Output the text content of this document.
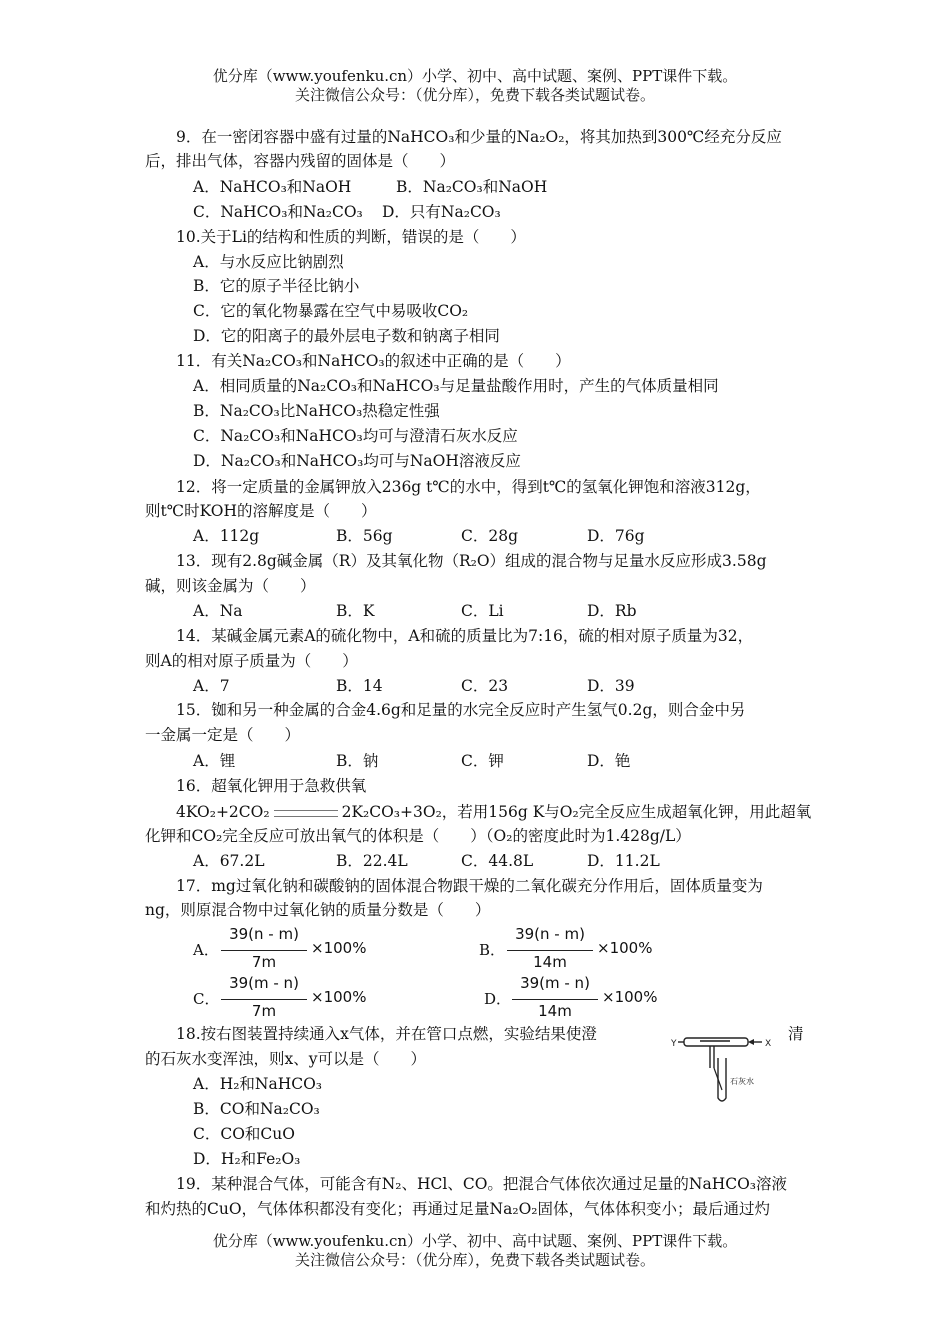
优分库（www.youfenku.cn）小学、初中、高中试题、案例、PPT课件下载。
关注微信公众号：（优分库），免费下载各类试题试卷。
9．在一密闭容器中盛有过量的NaHCO₃和少量的Na₂O₂，将其加热到300℃经充分反应
后，排出气体，容器内残留的固体是（　　）
A．NaHCO₃和NaOH	B．Na₂CO₃和NaOH
C．NaHCO₃和Na₂CO₃ D．只有Na₂CO₃
10.关于Li的结构和性质的判断，错误的是（　　）
A．与水反应比钠剧烈
B．它的原子半径比钠小
C．它的氧化物暴露在空气中易吸收CO₂
D．它的阳离子的最外层电子数和钠离子相同
11．有关Na₂CO₃和NaHCO₃的叙述中正确的是（　　）
A．相同质量的Na₂CO₃和NaHCO₃与足量盐酸作用时，产生的气体质量相同
B．Na₂CO₃比NaHCO₃热稳定性强
C．Na₂CO₃和NaHCO₃均可与澄清石灰水反应
D．Na₂CO₃和NaHCO₃均可与NaOH溶液反应
12．将一定质量的金属钾放入236g t℃的水中，得到t℃的氢氧化钾饱和溶液312g，
则t℃时KOH的溶解度是（　　）
A．112g	B．56g	C．28g	D．76g
13．现有2.8g碱金属（R）及其氧化物（R₂O）组成的混合物与足量水反应形成3.58g
碱，则该金属为（　　）
A．Na	B．K	C．Li	D．Rb
14．某碱金属元素A的硫化物中，A和硫的质量比为7:16，硫的相对原子质量为32，
则A的相对原子质量为（　　）
A．7	B．14	C．23	D．39
15．铷和另一种金属的合金4.6g和足量的水完全反应时产生氢气0.2g，则合金中另
一金属一定是（　　）
A．锂	B．钠	C．钾	D．铯
16．超氧化钾用于急救供氧
4KO₂+2CO₂	2K₂CO₃+3O₂，若用156g K与O₂完全反应生成超氧化钾，用此超氧
化钾和CO₂完全反应可放出氧气的体积是（　　）（O₂的密度此时为1.428g/L）
A．67.2L	B．22.4L	C．44.8L	D．11.2L
17．mg过氧化钠和碳酸钠的固体混合物跟干燥的二氧化碳充分作用后，固体质量变为
ng，则原混合物中过氧化钠的质量分数是（　　）
A．
39(n - m)
7m
×100%	B．
39(n - m)
14m
×100%
C．
39(m - n)
7m
×100%	D．
39(m - n)
14m
×100%
18.按右图装置持续通入x气体，并在管口点燃，实验结果使澄	清
的石灰水变浑浊，则x、y可以是（　　）
A．H₂和NaHCO₃
B．CO和Na₂CO₃
C．CO和CuO
D．H₂和Fe₂O₃
Y	X
石灰水
19．某种混合气体，可能含有N₂、HCl、CO。把混合气体依次通过足量的NaHCO₃溶液
和灼热的CuO，气体体积都没有变化；再通过足量Na₂O₂固体，气体体积变小；最后通过灼
优分库（www.youfenku.cn）小学、初中、高中试题、案例、PPT课件下载。
关注微信公众号：（优分库），免费下载各类试题试卷。
